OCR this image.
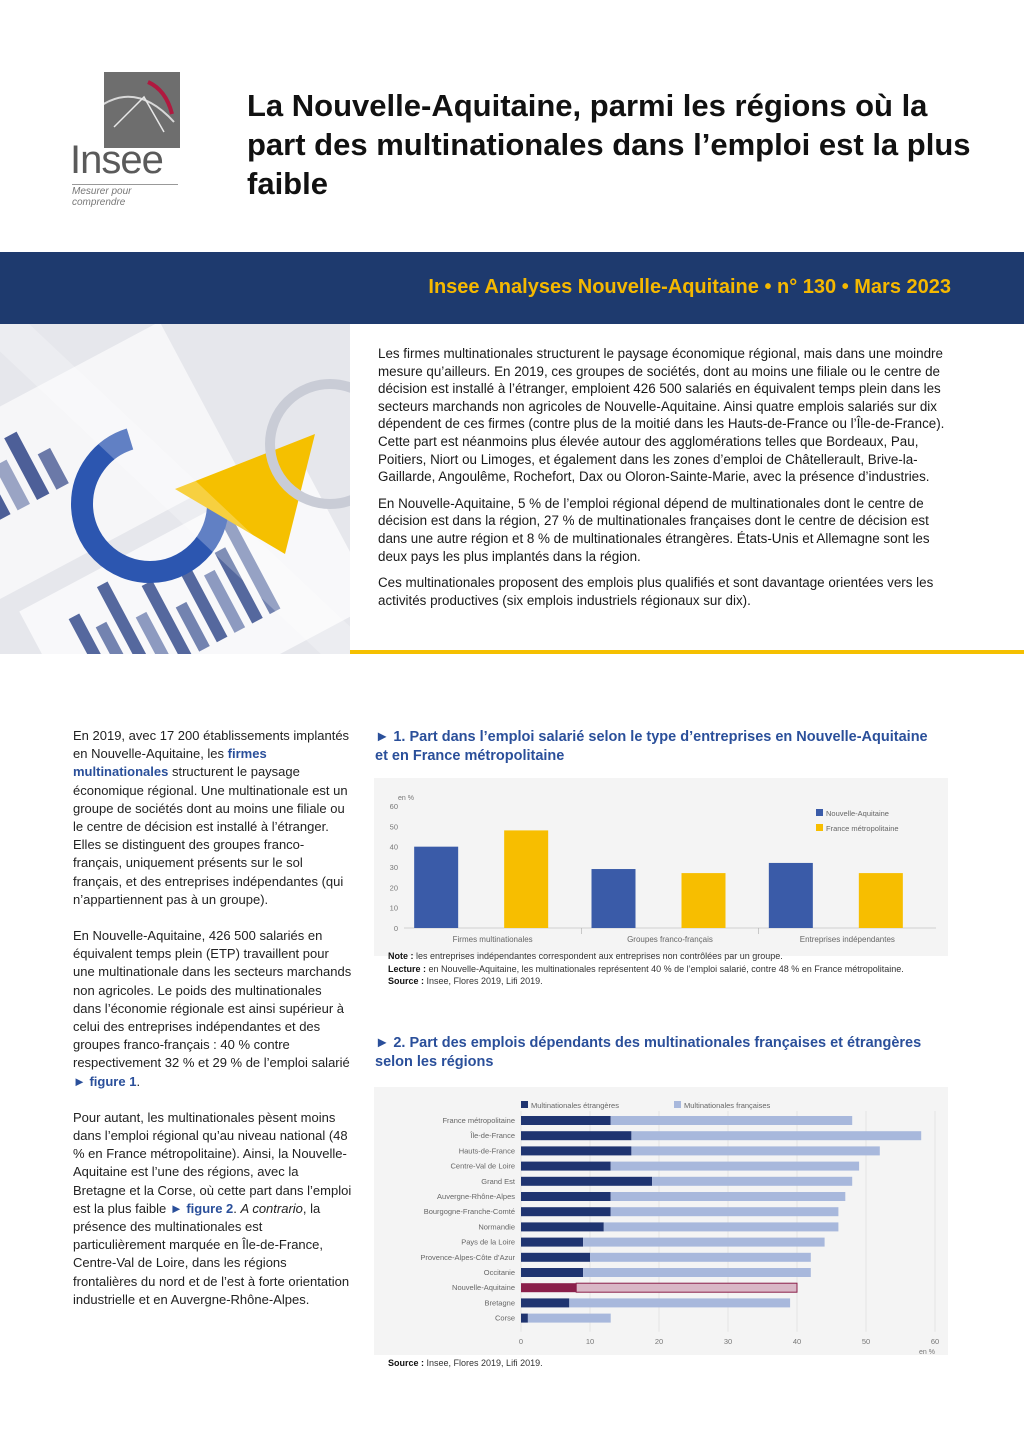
Insee
Mesurer pour comprendre
La Nouvelle-Aquitaine, parmi les régions où la part des multinationales dans l’emploi est la plus faible
Insee Analyses Nouvelle-Aquitaine • n° 130 • Mars 2023

Les firmes multinationales structurent le paysage économique régional, mais dans une moindre mesure qu’ailleurs. En 2019, ces groupes de sociétés, dont au moins une filiale ou le centre de décision est installé à l’étranger, emploient 426 500 salariés en équivalent temps plein dans les secteurs marchands non agricoles de Nouvelle-Aquitaine. Ainsi quatre emplois salariés sur dix dépendent de ces firmes (contre plus de la moitié dans les Hauts-de-France ou l’Île-de-France). Cette part est néanmoins plus élevée autour des agglomérations telles que Bordeaux, Pau, Poitiers, Niort ou Limoges, et également dans les zones d’emploi de Châtellerault, Brive-la-Gaillarde, Angoulême, Rochefort, Dax ou Oloron-Sainte-Marie, avec la présence d’industries.

En Nouvelle-Aquitaine, 5 % de l’emploi régional dépend de multinationales dont le centre de décision est dans la région, 27 % de multinationales françaises dont le centre de décision est dans une autre région et 8 % de multinationales étrangères. États-Unis et Allemagne sont les deux pays les plus implantés dans la région.

Ces multinationales proposent des emplois plus qualifiés et sont davantage orientées vers les activités productives (six emplois industriels régionaux sur dix).

En 2019, avec 17 200 établissements implantés en Nouvelle-Aquitaine, les firmes multinationales structurent le paysage économique régional. Une multinationale est un groupe de sociétés dont au moins une filiale ou le centre de décision est installé à l’étranger. Elles se distinguent des groupes franco-français, uniquement présents sur le sol français, et des entreprises indépendantes (qui n’appartiennent pas à un groupe).

En Nouvelle-Aquitaine, 426 500 salariés en équivalent temps plein (ETP) travaillent pour une multinationale dans les secteurs marchands non agricoles. Le poids des multinationales dans l’économie régionale est ainsi supérieur à celui des entreprises indépendantes et des groupes franco-français : 40 % contre respectivement 32 % et 29 % de l’emploi salarié ► figure 1.

Pour autant, les multinationales pèsent moins dans l’emploi régional qu’au niveau national (48 % en France métropolitaine). Ainsi, la Nouvelle-Aquitaine est l’une des régions, avec la Bretagne et la Corse, où cette part dans l’emploi est la plus faible ► figure 2. A contrario, la présence des multinationales est particulièrement marquée en Île-de-France, Centre-Val de Loire, dans les régions frontalières du nord et de l’est à forte orientation industrielle et en Auvergne-Rhône-Alpes.

► 1. Part dans l’emploi salarié selon le type d’entreprises en Nouvelle-Aquitaine et en France métropolitaine
en %
0
10
20
30
40
50
60
Firmes multinationales	Groupes franco-français	Entreprises indépendantes
Nouvelle-Aquitaine
France métropolitaine
Note : les entreprises indépendantes correspondent aux entreprises non contrôlées par un groupe.
Lecture : en Nouvelle-Aquitaine, les multinationales représentent 40 % de l’emploi salarié, contre 48 % en France métropolitaine.
Source : Insee, Flores 2019, Lifi 2019.
► 2. Part des emplois dépendants des multinationales françaises et étrangères selon les régions
0	10	20	30	40	50	60
en %
France métropolitaine
Île-de-France
Hauts-de-France
Centre-Val de Loire
Grand Est
Auvergne-Rhône-Alpes
Bourgogne-Franche-Comté
Normandie
Pays de la Loire
Provence-Alpes-Côte d’Azur
Occitanie
Nouvelle-Aquitaine
Bretagne
Corse
Multinationales étrangères	Multinationales françaises
Source : Insee, Flores 2019, Lifi 2019.
